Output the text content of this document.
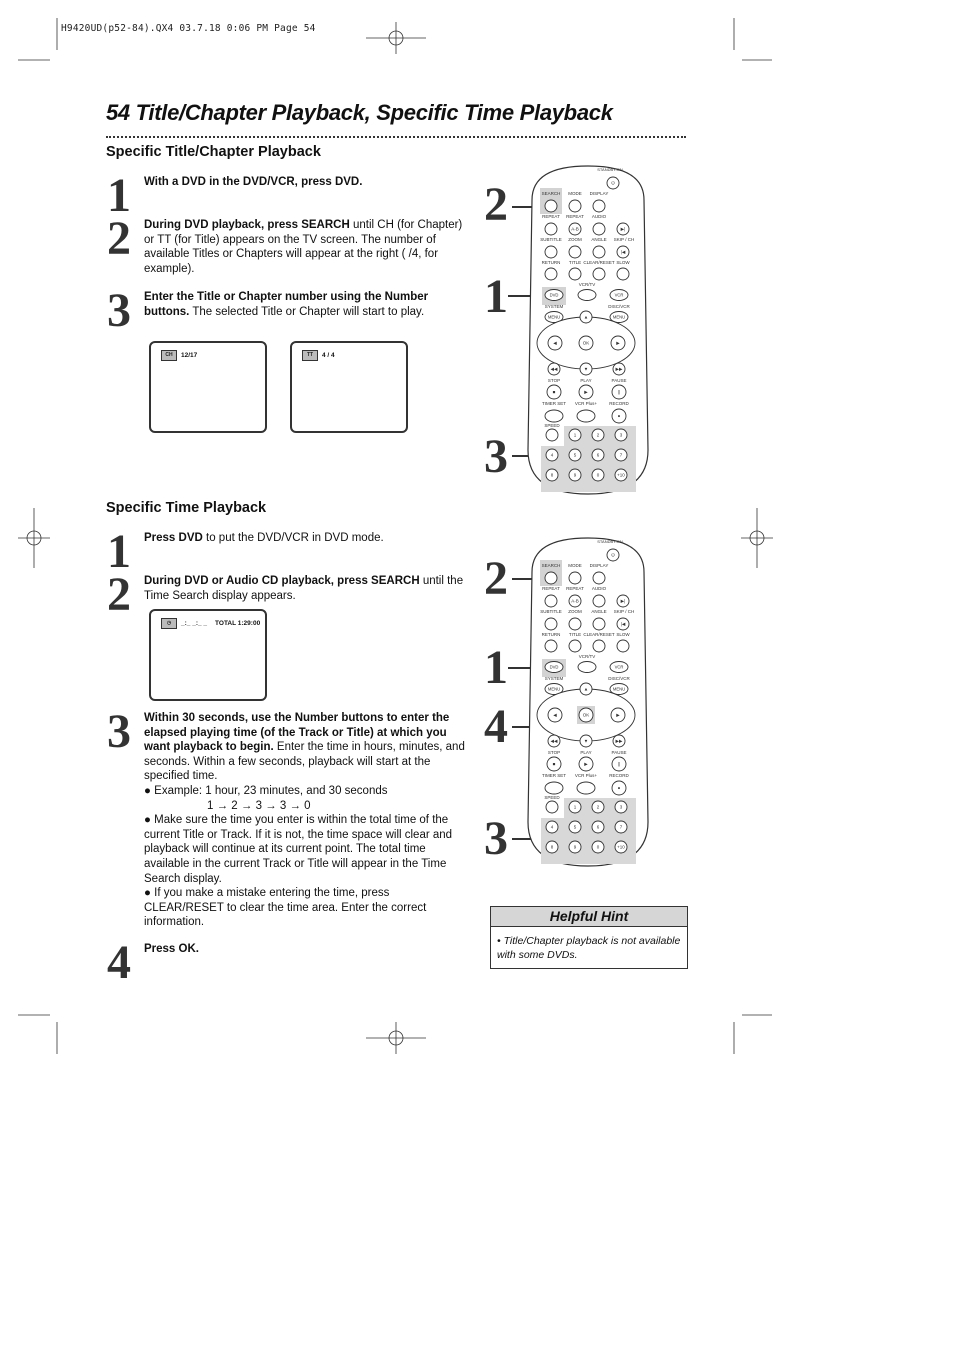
H9420UD(p52-84).QX4 03.7.18 0:06 PM Page 54
54 Title/Chapter Playback, Specific Time Playback
Specific Title/Chapter Playback
1 With a DVD in the DVD/VCR, press DVD.
2 During DVD playback, press SEARCH until CH (for Chapter) or TT (for Title) appears on the TV screen. The number of available Titles or Chapters will appear at the right ( /4, for example).
3 Enter the Title or Chapter number using the Number buttons. The selected Title or Chapter will start to play.
CH	12/17	TT	4 / 4
Specific Time Playback
1 Press DVD to put the DVD/VCR in DVD mode.
2 During DVD or Audio CD playback, press SEARCH until the Time Search display appears.
◷	_:_ _:_ _ TOTAL 1:29:00
3 Within 30 seconds, use the Number buttons to enter the elapsed playing time (of the Track or Title) at which you want playback to begin. Enter the time in hours, minutes, and seconds. Within a few seconds, playback will start at the specified time.
● Example: 1 hour, 23 minutes, and 30 seconds
1 → 2 → 3 → 3 → 0
● Make sure the time you enter is within the total time of the current Title or Track. If it is not, the time space will clear and playback will continue at its current point. The total time available in the current Track or Title will appear in the Time Search display.
● If you make a mistake entering the time, press CLEAR/RESET to clear the time area. Enter the correct information.
4 Press OK.
2
1
3
STANDBY-ON
⏻
SEARCH MODE DISPLAY
REPEAT REPEAT AUDIO
A-B	▶|
SUBTITLE ZOOM ANGLE SKIP / CH
|◀
RETURN TITLE CLEAR/RESET SLOW
VCR/TV
DVD	VCR
SYSTEM	DISC/VCR
MENU	MENU
▲
▼
◀	▶
OK
◀◀	▶▶
STOP	PLAY	PAUSE
■	▶	||
TIMER SET VCR Plus+	RECORD
●
SPEED
1	2	3
4	5	6	7
8	9	0	+10
2
1
4
3
STANDBY-ON
⏻
SEARCH MODE DISPLAY
REPEAT REPEAT AUDIO
A-B	▶|
SUBTITLE ZOOM ANGLE SKIP / CH
|◀
RETURN TITLE CLEAR/RESET SLOW
VCR/TV
DVD	VCR
SYSTEM	DISC/VCR
MENU	MENU
▲
▼
◀	▶
OK
◀◀	▶▶
STOP	PLAY	PAUSE
■	▶	||
TIMER SET VCR Plus+	RECORD
●
SPEED
1	2	3
4	5	6	7
8	9	0	+10
Helpful Hint
• Title/Chapter playback is not available with some DVDs.
